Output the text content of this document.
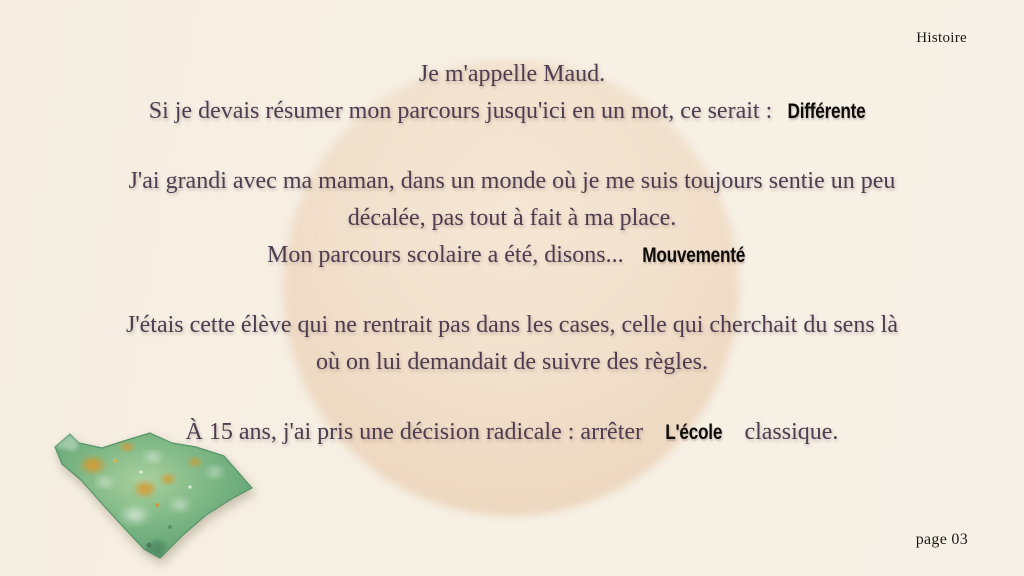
Histoire
Je m'appelle Maud.
Si je devais résumer mon parcours jusqu'ici en un mot, ce serait : Différente
J'ai grandi avec ma maman, dans un monde où je me suis toujours sentie un peu
décalée, pas tout à fait à ma place.
Mon parcours scolaire a été, disons... Mouvementé
J'étais cette élève qui ne rentrait pas dans les cases, celle qui cherchait du sens là
où on lui demandait de suivre des règles.
À 15 ans, j'ai pris une décision radicale : arrêter L'école classique.
page 03
